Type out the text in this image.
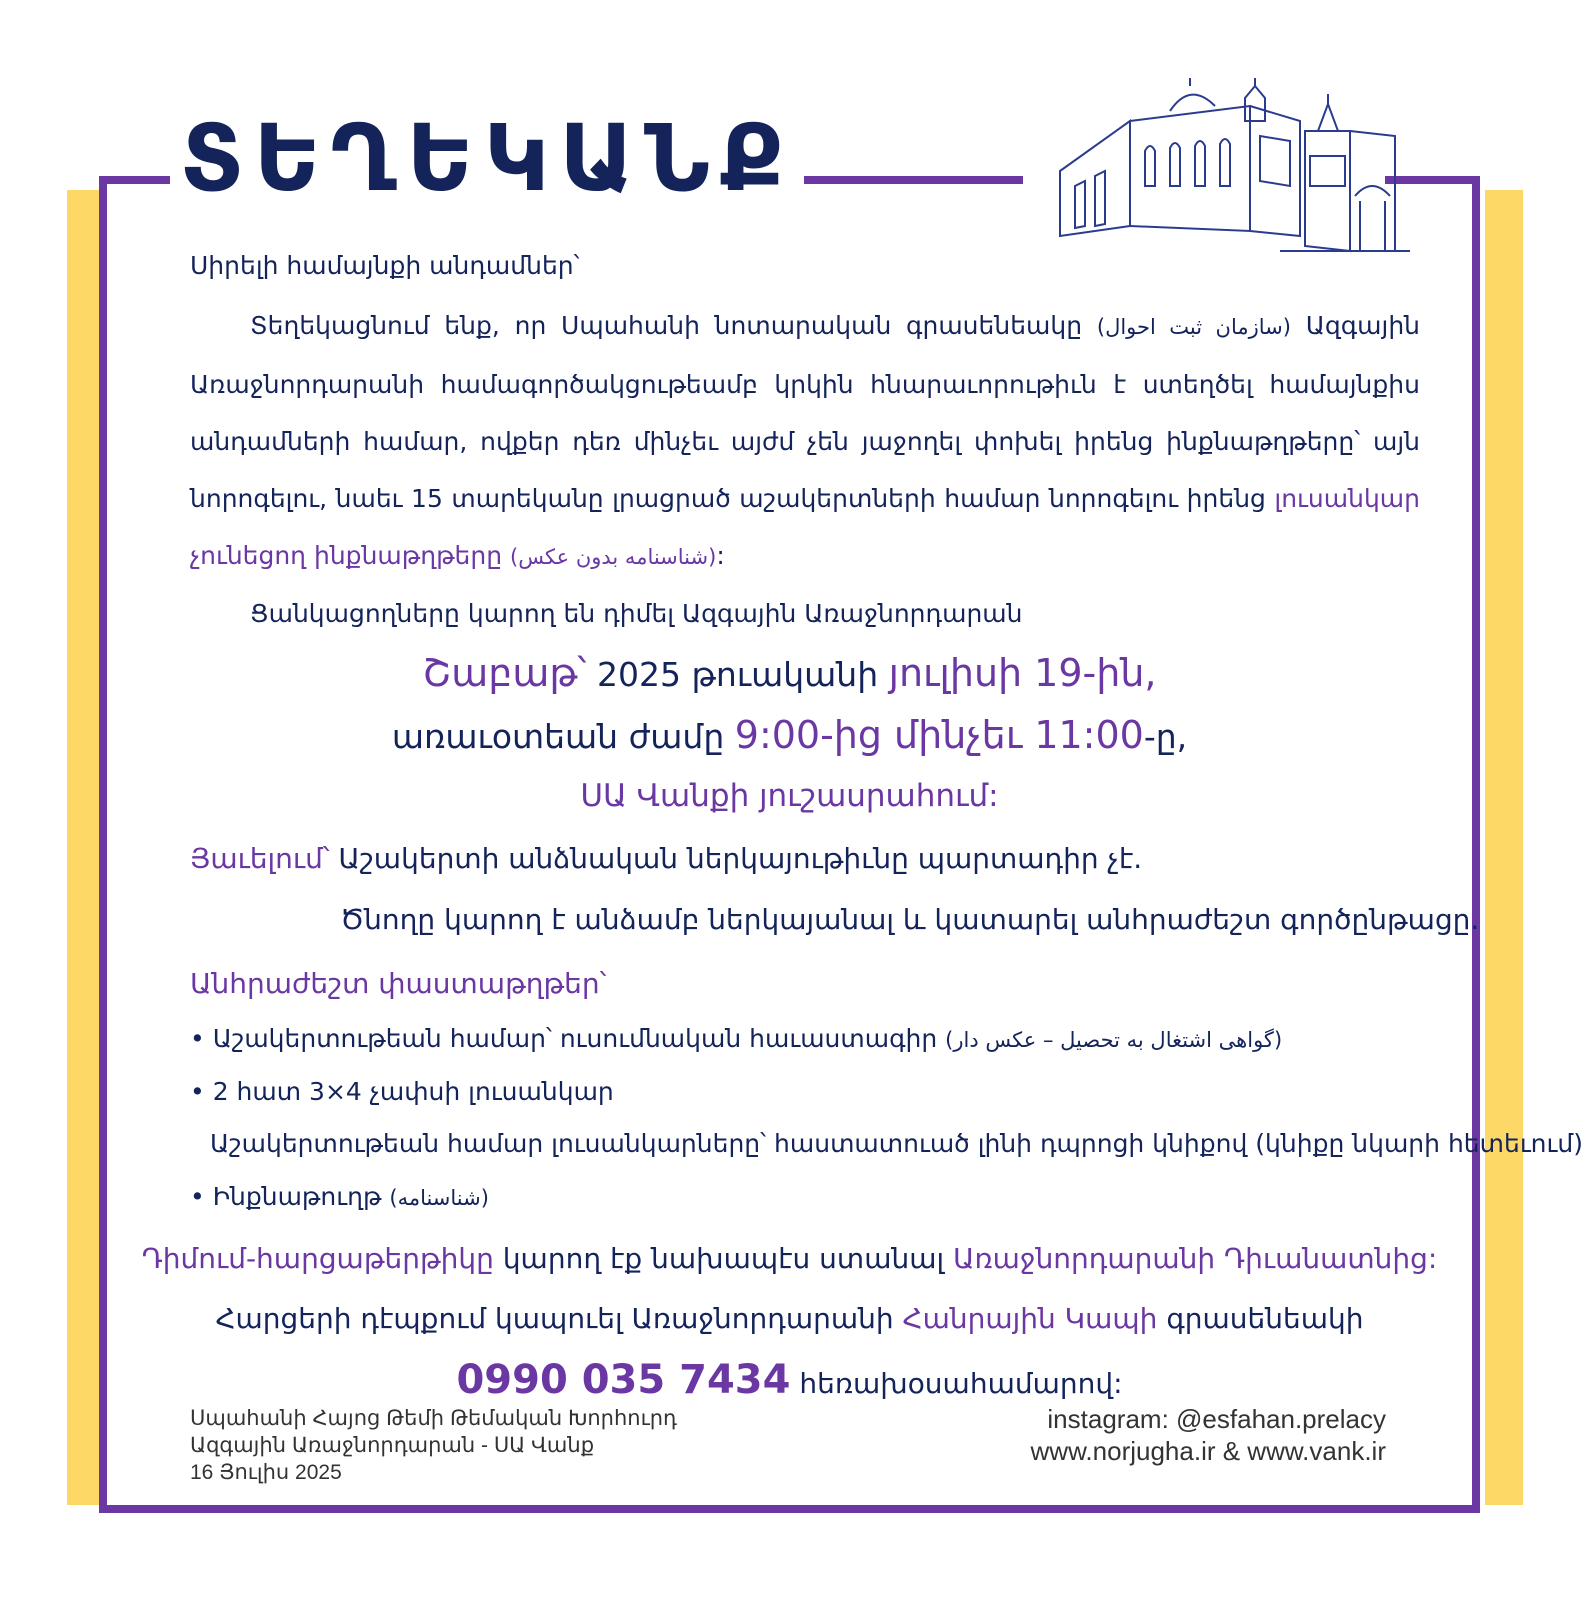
ՏԵՂԵԿԱՆՔ
Սիրելի համայնքի անդամներ՝
Տեղեկացնում ենք, որ Սպահանի նոտարական գրասենեակը (سازمان ثبت احوال) Ազգային Առաջնորդարանի համագործակցութեամբ կրկին հնարաւորութիւն է ստեղծել համայնքիս անդամների համար, ովքեր դեռ մինչեւ այժմ չեն յաջողել փոխել իրենց ինքնաթղթերը՝ այն նորոգելու, նաեւ 15 տարեկանը լրացրած աշակերտների համար նորոգելու իրենց լուսանկար չունեցող ինքնաթղթերը (شناسنامه بدون عکس):
Ցանկացողները կարող են դիմել Ազգային Առաջնորդարան
Շաբաթ՝ 2025 թուականի յուլիսի 19-ին,
առաւօտեան ժամը 9:00-ից մինչեւ 11:00-ը,
ՍԱ Վանքի յուշասրահում:
Յաւելում՝ Աշակերտի անձնական ներկայութիւնը պարտադիր չէ.
Ծնողը կարող է անձամբ ներկայանալ և կատարել անհրաժեշտ գործընթացը.
Անհրաժեշտ փաստաթղթեր՝
• Աշակերտութեան համար՝ ուսումնական հաւաստագիր (گواهی اشتغال به تحصیل – عکس دار)
• 2 հատ 3×4 չափսի լուսանկար
Աշակերտութեան համար լուսանկարները՝ հաստատուած լինի դպրոցի կնիքով (կնիքը նկարի հետեւում)
• Ինքնաթուղթ (شناسنامه)
Դիմում-հարցաթերթիկը կարող էք նախապէս ստանալ Առաջնորդարանի Դիւանատնից:
Հարցերի դէպքում կապուել Առաջնորդարանի Հանրային Կապի գրասենեակի
0990 035 7434 հեռախօսահամարով:
Սպահանի Հայոց Թեմի Թեմական Խորհուրդ
Ազգային Առաջնորդարան - ՍԱ Վանք
16 Յուլիս 2025
instagram: @esfahan.prelacy
www.norjugha.ir & www.vank.ir
